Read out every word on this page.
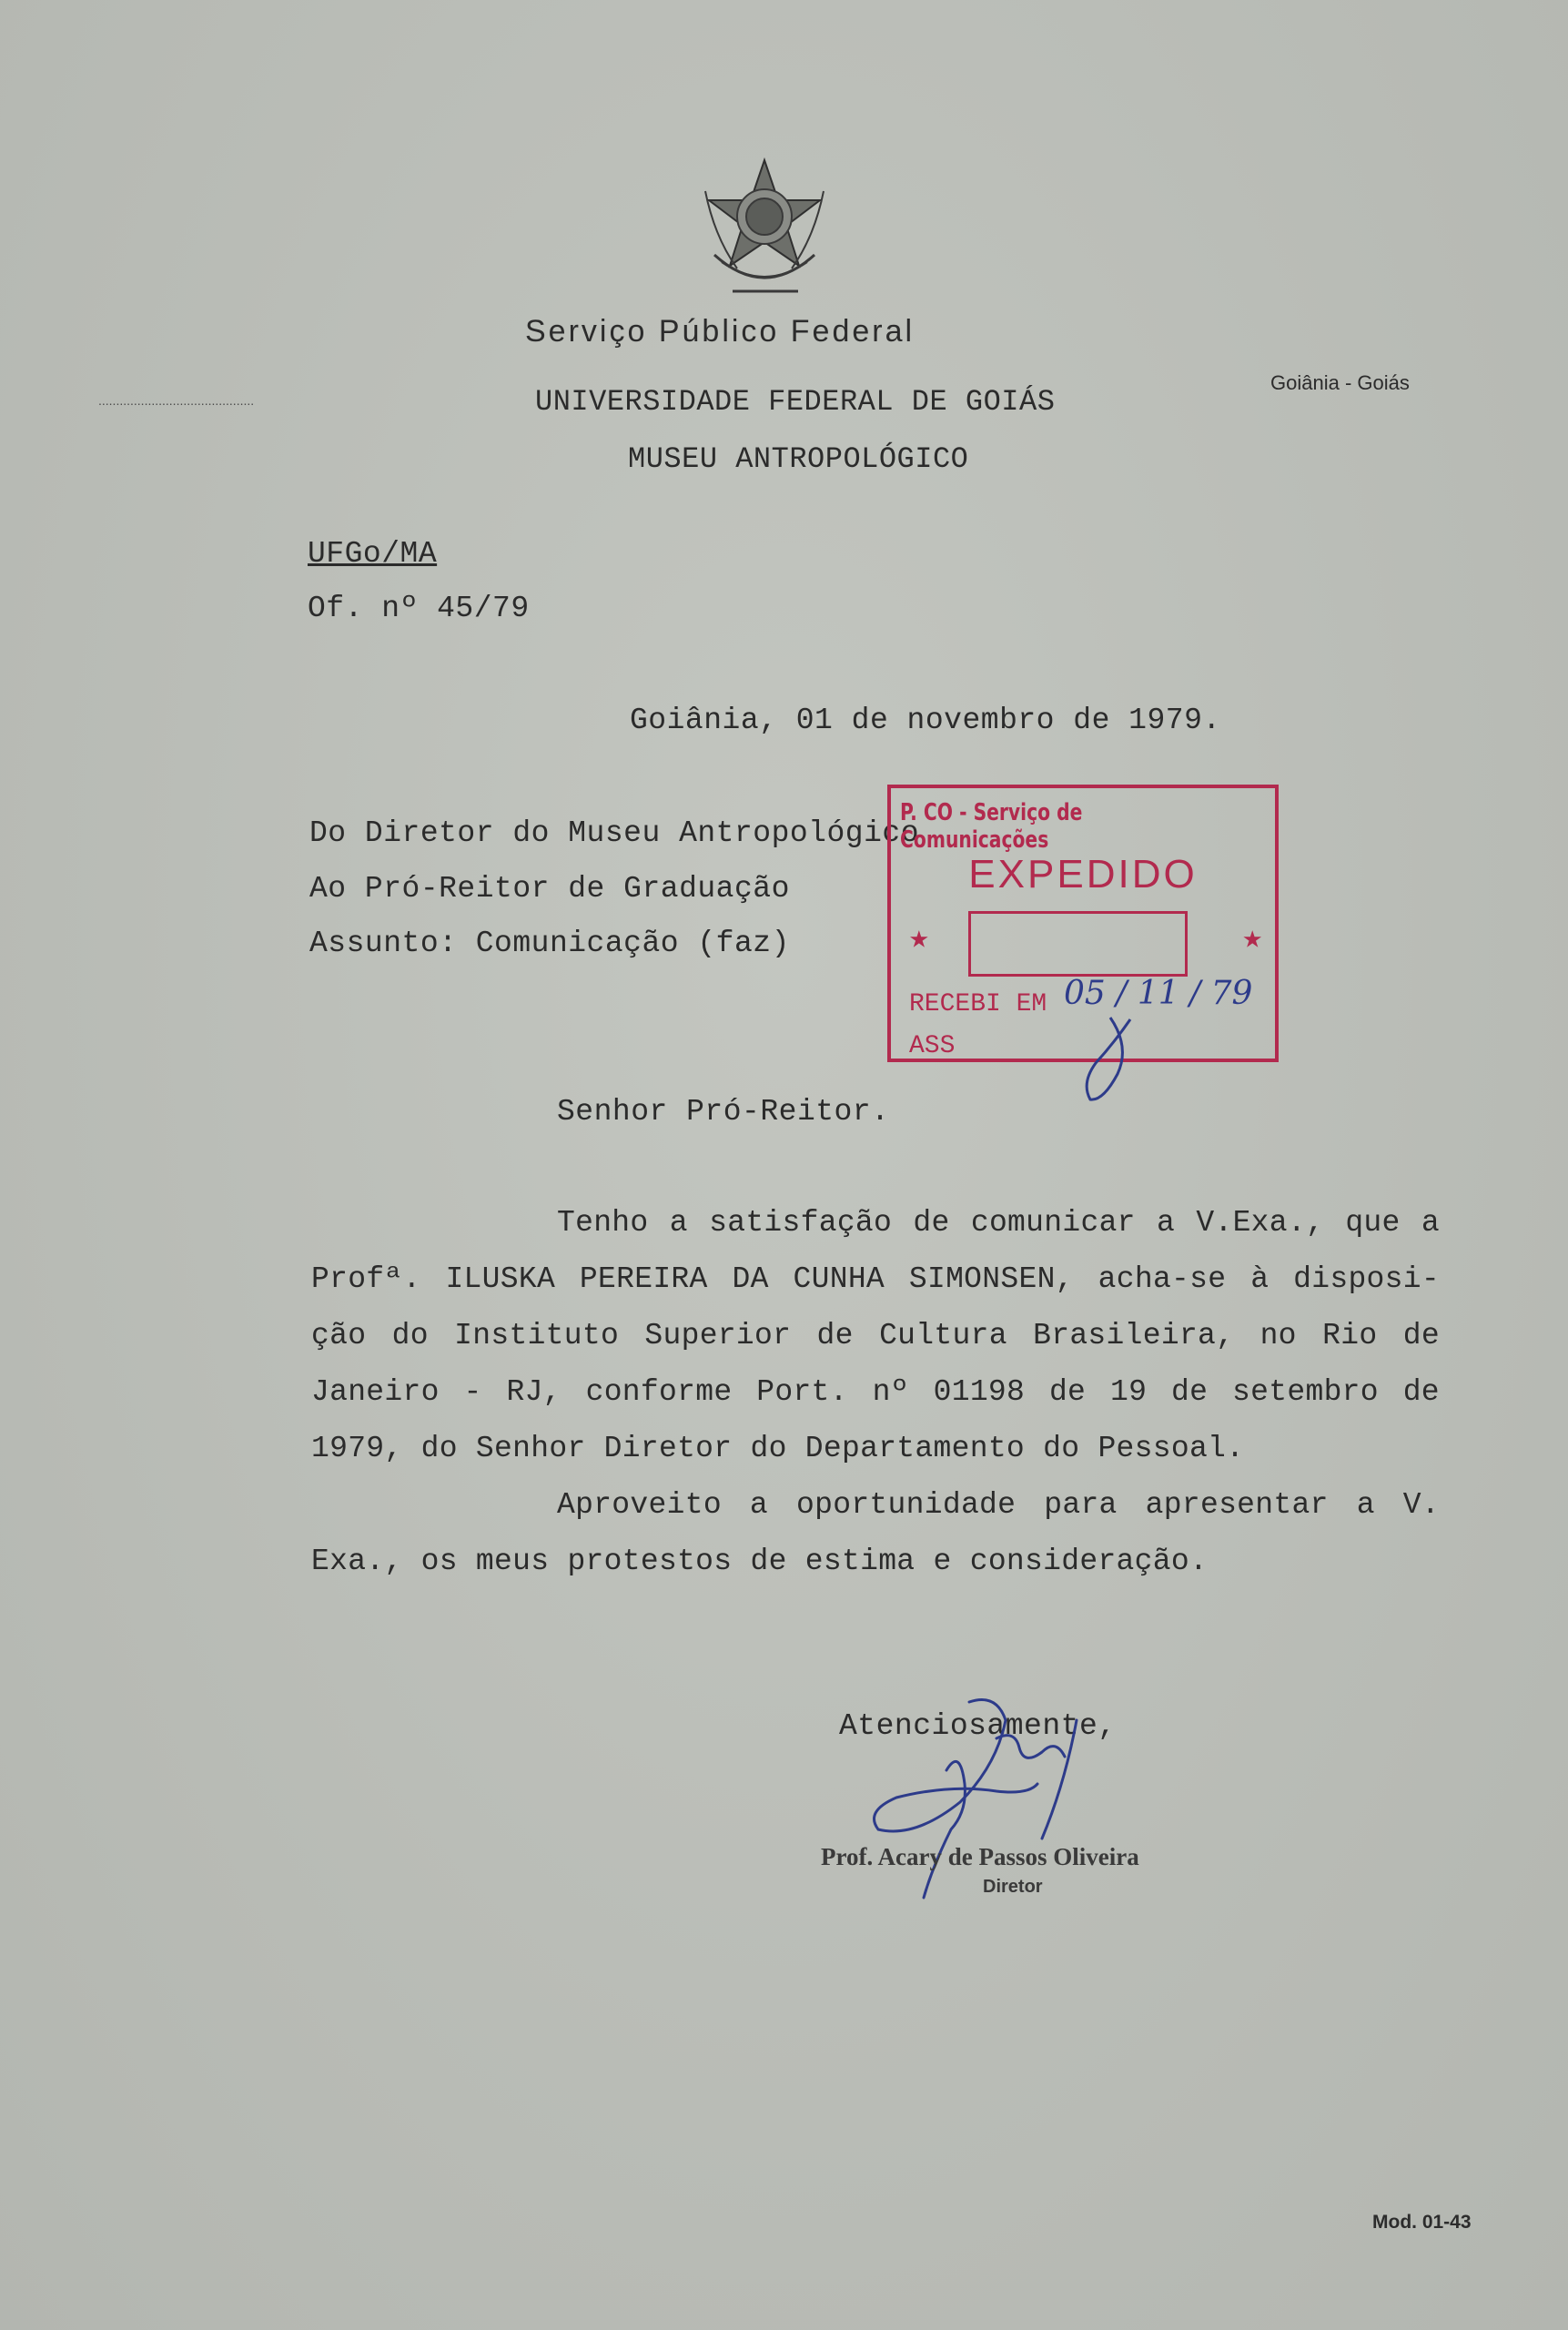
Serviço Público Federal
............................................	UNIVERSIDADE FEDERAL DE GOIÁS
Goiânia - Goiás
MUSEU ANTROPOLÓGICO
UFGo/MA
Of. nº 45/79
Goiânia, 01 de novembro de 1979.
Do Diretor do Museu Antropológico
Ao Pró-Reitor de Graduação
Assunto: Comunicação (faz)
P. CO - Serviço de Comunicações
EXPEDIDO
★	★
RECEBI EM 05 / 11 / 79
ASS
Senhor Pró-Reitor.
Tenho a satisfação de comunicar a V.Exa., que a
Profª. ILUSKA PEREIRA DA CUNHA SIMONSEN, acha-se à disposi-
ção do Instituto Superior de Cultura Brasileira, no Rio de
Janeiro - RJ, conforme Port. nº 01198 de 19 de setembro de
1979, do Senhor Diretor do Departamento do Pessoal.
Aproveito a oportunidade para apresentar a V.
Exa., os meus protestos de estima e consideração.
Atenciosamente,
Prof. Acary de Passos Oliveira
Diretor
Mod. 01-43
